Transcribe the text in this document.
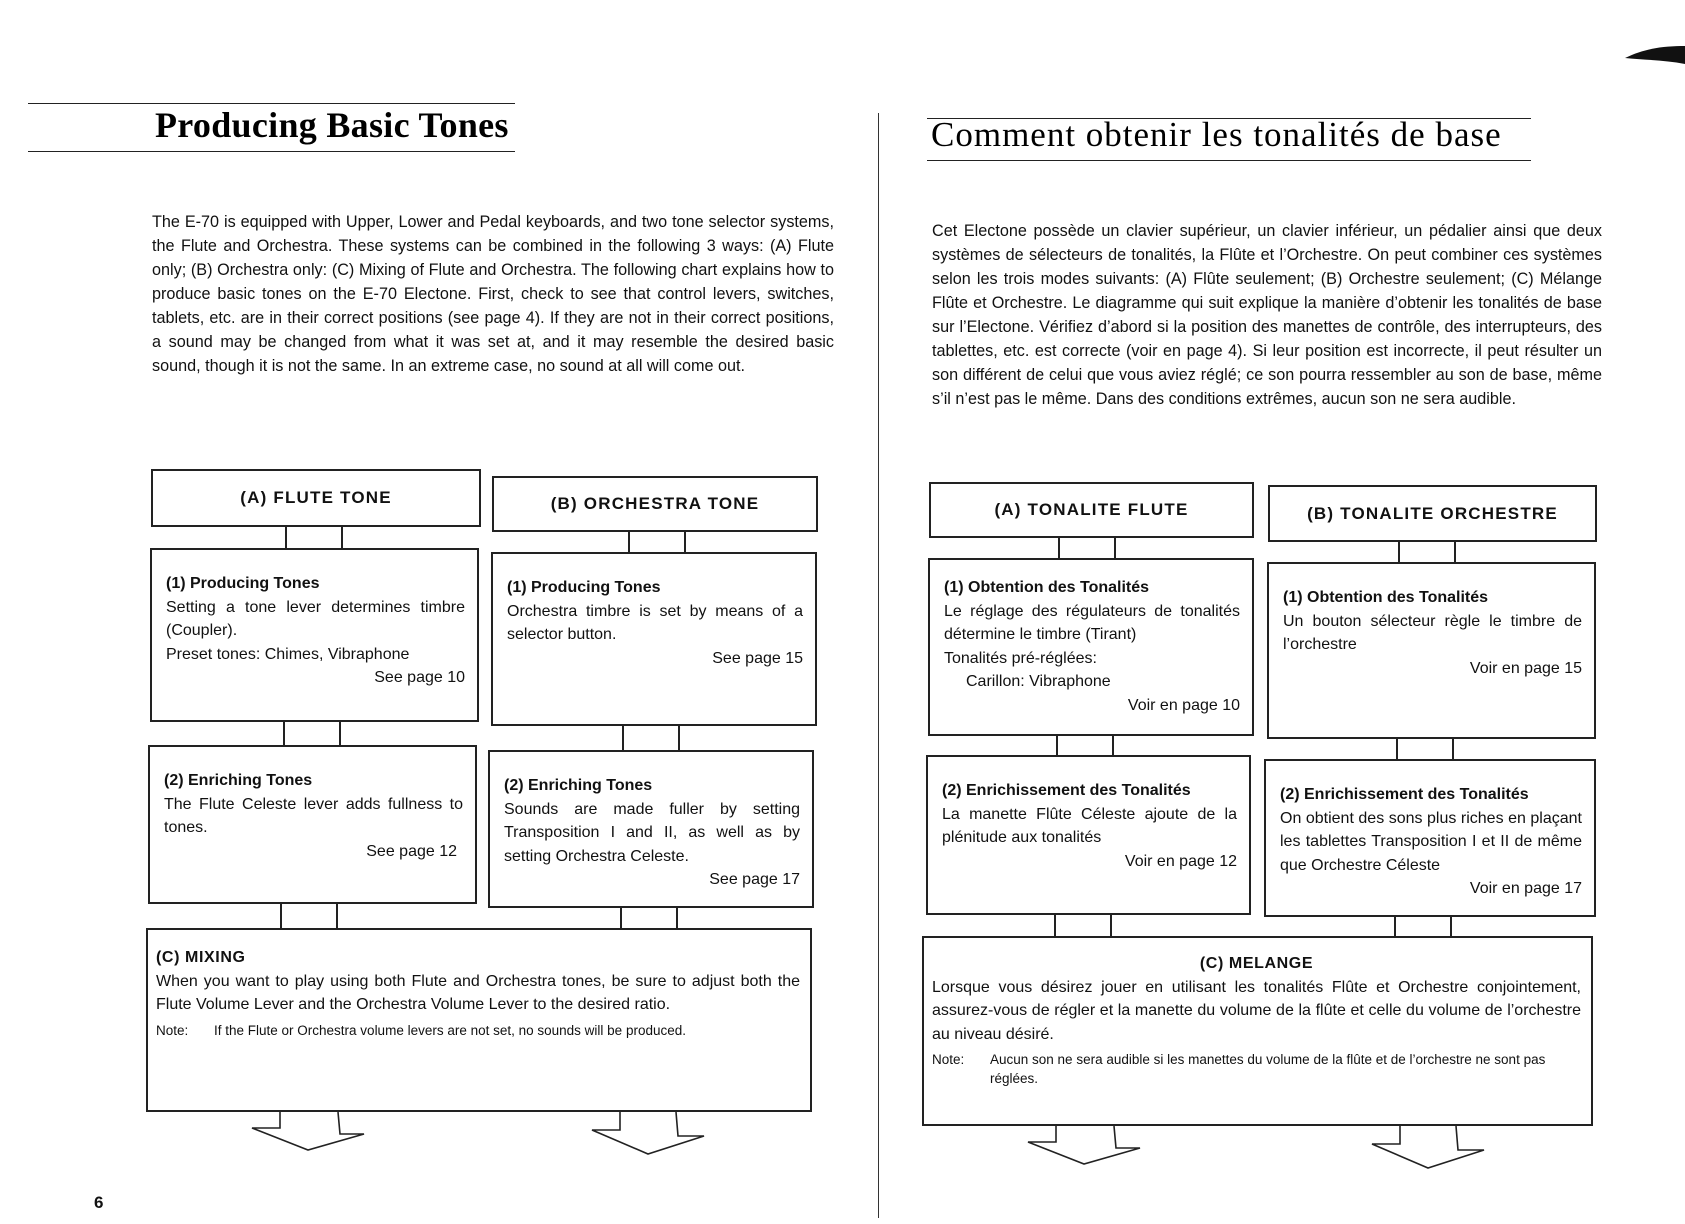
Producing Basic Tones
The E-70 is equipped with Upper, Lower and Pedal keyboards, and two tone selector systems, the Flute and Orchestra. These systems can be combined in the following 3 ways: (A) Flute only; (B) Orchestra only: (C) Mixing of Flute and Orchestra. The following chart explains how to produce basic tones on the E-70 Electone. First, check to see that control levers, switches, tablets, etc. are in their correct positions (see page 4). If they are not in their correct positions, a sound may be changed from what it was set at, and it may resemble the desired basic sound, though it is not the same. In an extreme case, no sound at all will come out.
(A) FLUTE TONE	(B) ORCHESTRA TONE
(1) Producing Tones
Setting a tone lever determines timbre (Coupler).
Preset tones: Chimes, Vibraphone
See page 10
(1) Producing Tones
Orchestra timbre is set by means of a selector button.
See page 15
(2) Enriching Tones
The Flute Celeste lever adds fullness to tones.
See page 12
(2) Enriching Tones
Sounds are made fuller by setting Transposition I and II, as well as by setting Orchestra Celeste.
See page 17
(C) MIXING
When you want to play using both Flute and Orchestra tones, be sure to adjust both the Flute Volume Lever and the Orchestra Volume Lever to the desired ratio.
Note:	If the Flute or Orchestra volume levers are not set, no sounds will be produced.
6
Comment obtenir les tonalités de base
Cet Electone possède un clavier supérieur, un clavier inférieur, un pédalier ainsi que deux systèmes de sélecteurs de tonalités, la Flûte et l’Orchestre. On peut combiner ces systèmes selon les trois modes suivants: (A) Flûte seulement; (B) Orchestre seulement; (C) Mélange Flûte et Orchestre. Le diagramme qui suit explique la manière d’obtenir les tonalités de base sur l’Electone. Vérifiez d’abord si la position des manettes de contrôle, des interrupteurs, des tablettes, etc. est correcte (voir en page 4). Si leur position est incorrecte, il peut résulter un son différent de celui que vous aviez réglé; ce son pourra ressembler au son de base, même s’il n’est pas le même. Dans des conditions extrêmes, aucun son ne sera audible.
(A) TONALITE FLUTE	(B) TONALITE ORCHESTRE
(1) Obtention des Tonalités
Le réglage des régulateurs de tonalités détermine le timbre (Tirant)
Tonalités pré-réglées:
Carillon: Vibraphone
Voir en page 10
(1) Obtention des Tonalités
Un bouton sélecteur règle le timbre de l’orchestre
Voir en page 15
(2) Enrichissement des Tonalités
La manette Flûte Céleste ajoute de la plénitude aux tonalités
Voir en page 12
(2) Enrichissement des Tonalités
On obtient des sons plus riches en plaçant les tablettes Transposition I et II de même que Orchestre Céleste
Voir en page 17
(C) MELANGE
Lorsque vous désirez jouer en utilisant les tonalités Flûte et Orchestre conjointement, assurez-vous de régler et la manette du volume de la flûte et celle du volume de l’orchestre au niveau désiré.
Note:	Aucun son ne sera audible si les manettes du volume de la flûte et de l’orchestre ne sont pas réglées.
